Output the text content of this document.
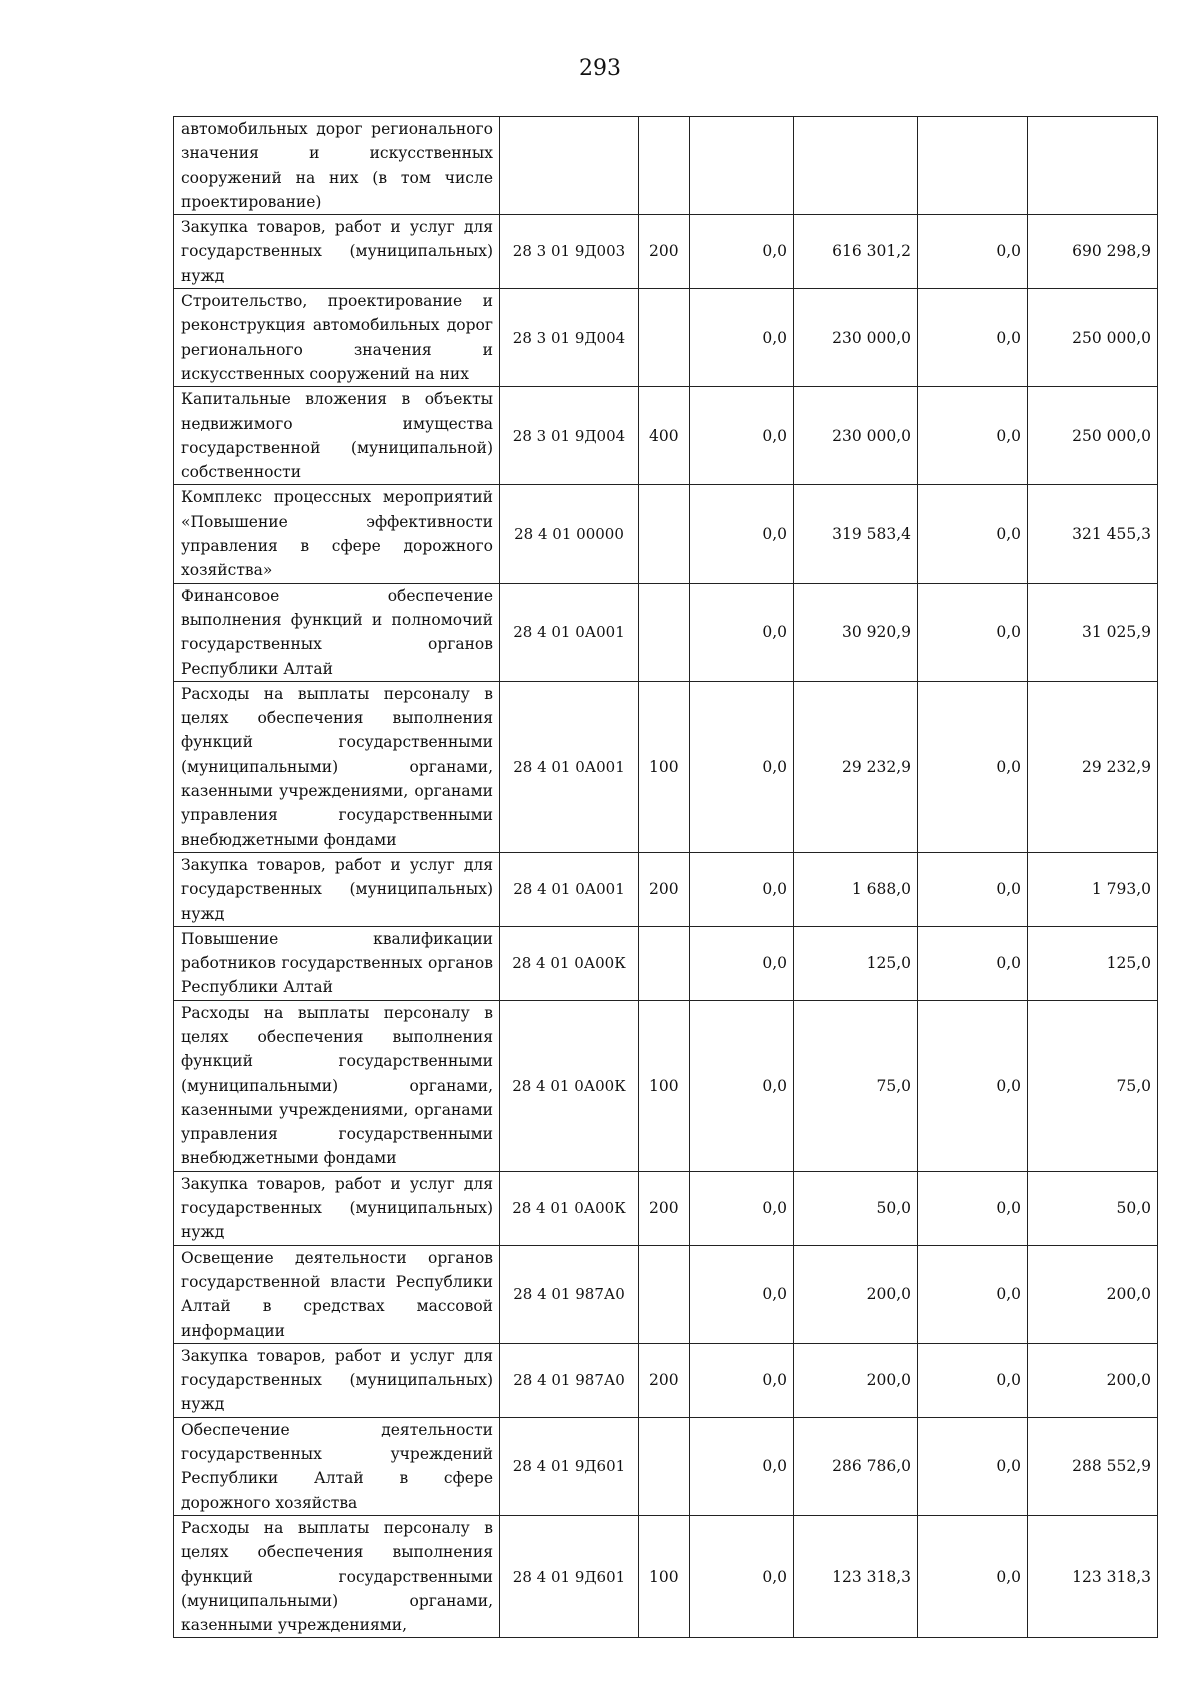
293
автомобильных дорог регионального значения и искусственных сооружений на них (в том числе проектирование)						
Закупка товаров, работ и услуг для государственных (муниципальных) нужд	28 3 01 9Д003	200	0,0	616 301,2	0,0	690 298,9
Строительство, проектирование и реконструкция автомобильных дорог регионального значения и искусственных сооружений на них	28 3 01 9Д004		0,0	230 000,0	0,0	250 000,0
Капитальные вложения в объекты недвижимого имущества государственной (муниципальной) собственности	28 3 01 9Д004	400	0,0	230 000,0	0,0	250 000,0
Комплекс процессных мероприятий «Повышение эффективности управления в сфере дорожного хозяйства»	28 4 01 00000		0,0	319 583,4	0,0	321 455,3
Финансовое обеспечение выполнения функций и полномочий государственных органов Республики Алтай	28 4 01 0А001		0,0	30 920,9	0,0	31 025,9
Расходы на выплаты персоналу в целях обеспечения выполнения функций государственными (муниципальными) органами, казенными учреждениями, органами управления государственными внебюджетными фондами	28 4 01 0А001	100	0,0	29 232,9	0,0	29 232,9
Закупка товаров, работ и услуг для государственных (муниципальных) нужд	28 4 01 0А001	200	0,0	1 688,0	0,0	1 793,0
Повышение квалификации работников государственных органов Республики Алтай	28 4 01 0А00К		0,0	125,0	0,0	125,0
Расходы на выплаты персоналу в целях обеспечения выполнения функций государственными (муниципальными) органами, казенными учреждениями, органами управления государственными внебюджетными фондами	28 4 01 0А00К	100	0,0	75,0	0,0	75,0
Закупка товаров, работ и услуг для государственных (муниципальных) нужд	28 4 01 0А00К	200	0,0	50,0	0,0	50,0
Освещение деятельности органов государственной власти Республики Алтай в средствах массовой информации	28 4 01 987А0		0,0	200,0	0,0	200,0
Закупка товаров, работ и услуг для государственных (муниципальных) нужд	28 4 01 987А0	200	0,0	200,0	0,0	200,0
Обеспечение деятельности государственных учреждений Республики Алтай в сфере дорожного хозяйства	28 4 01 9Д601		0,0	286 786,0	0,0	288 552,9
Расходы на выплаты персоналу в целях обеспечения выполнения функций государственными (муниципальными) органами, казенными учреждениями,	28 4 01 9Д601	100	0,0	123 318,3	0,0	123 318,3
